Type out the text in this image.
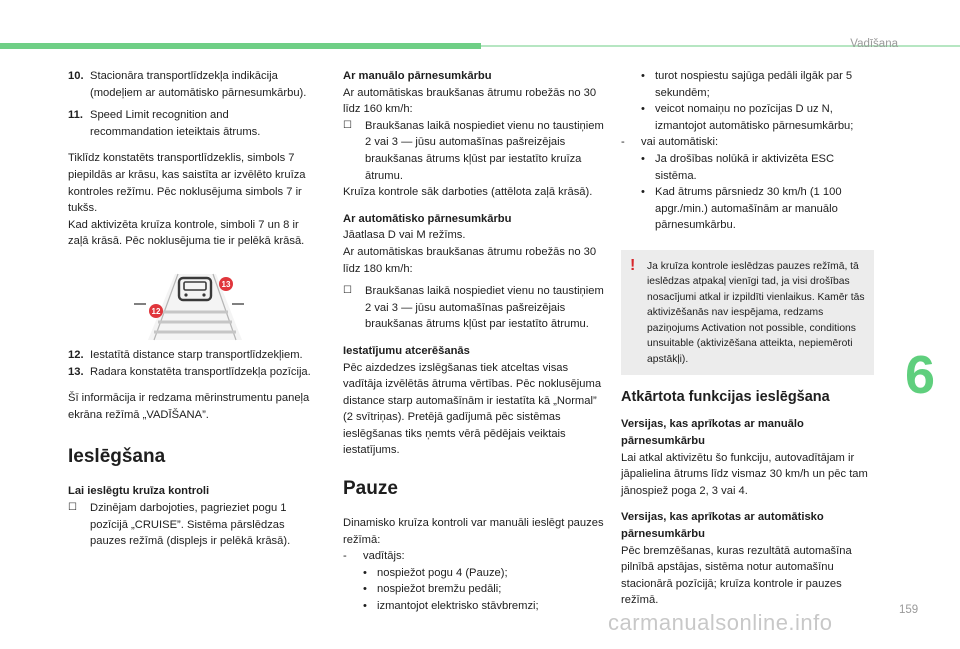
Vadīšana
6
159
carmanualsonline.info

10. Stacionāra transportlīdzekļa indikācija (modeļiem ar automātisko pārnesumkārbu).

11. Speed Limit recognition and recommandation ieteiktais ātrums.

Tiklīdz konstatēts transportlīdzeklis, simbols 7 piepildās ar krāsu, kas saistīta ar izvēlēto kruīza kontroles režīmu. Pēc noklusējuma simbols 7 ir tukšs.

Kad aktivizēta kruīza kontrole, simboli 7 un 8 ir zaļā krāsā. Pēc noklusējuma tie ir pelēkā krāsā.

13
12

12. Iestatītā distance starp transportlīdzekļiem.

13. Radara konstatēta transportlīdzekļa pozīcija.

Šī informācija ir redzama mērinstrumentu paneļa ekrāna režīmā „VADĪŠANA”.

Ieslēgšana

Lai ieslēgtu kruīza kontroli

☐ Dzinējam darbojoties, pagrieziet pogu 1 pozīcijā „CRUISE”. Sistēma pārslēdzas pauzes režīmā (displejs ir pelēkā krāsā).

Ar manuālo pārnesumkārbu

Ar automātiskas braukšanas ātrumu robežās no 30 līdz 160 km/h:

☐ Braukšanas laikā nospiediet vienu no taustiņiem 2 vai 3 — jūsu automašīnas pašreizējais braukšanas ātrums kļūst par iestatīto kruīza ātrumu.

Kruīza kontrole sāk darboties (attēlota zaļā krāsā).

Ar automātisko pārnesumkārbu

Jāatlasa D vai M režīms.

Ar automātiskas braukšanas ātrumu robežās no 30 līdz 180 km/h:

☐ Braukšanas laikā nospiediet vienu no taustiņiem 2 vai 3 — jūsu automašīnas pašreizējais braukšanas ātrums kļūst par iestatīto ātrumu.

Iestatījumu atcerēšanās

Pēc aizdedzes izslēgšanas tiek atceltas visas vadītāja izvēlētās ātruma vērtības. Pēc noklusējuma distance starp automašīnām ir iestatīta kā „Normal” (2 svītriņas). Pretējā gadījumā pēc sistēmas ieslēgšanas tiks ņemts vērā pēdējais veiktais iestatījums.

Pauze

Dinamisko kruīza kontroli var manuāli ieslēgt pauzes režīmā:

- vadītājs:

• nospiežot pogu 4 (Pauze);

• nospiežot bremžu pedāli;

• izmantojot elektrisko stāvbremzi;

• turot nospiestu sajūga pedāli ilgāk par 5 sekundēm;

• veicot nomaiņu no pozīcijas D uz N, izmantojot automātisko pārnesumkārbu;

- vai automātiski:

• Ja drošības nolūkā ir aktivizēta ESC sistēma.

• Kad ātrums pārsniedz 30 km/h (1 100 apgr./min.) automašīnām ar manuālo pārnesumkārbu.

! Ja kruīza kontrole ieslēdzas pauzes režīmā, tā ieslēdzas atpakaļ vienīgi tad, ja visi drošības nosacījumi atkal ir izpildīti vienlaikus. Kamēr tās aktivizēšanās nav iespējama, redzams paziņojums Activation not possible, conditions unsuitable (aktivizēšana atteikta, nepiemēroti apstākļi).

Atkārtota funkcijas ieslēgšana

Versijas, kas aprīkotas ar manuālo pārnesumkārbu

Lai atkal aktivizētu šo funkciju, autovadītājam ir jāpalielina ātrums līdz vismaz 30 km/h un pēc tam jānospiež poga 2, 3 vai 4.

Versijas, kas aprīkotas ar automātisko pārnesumkārbu

Pēc bremzēšanas, kuras rezultātā automašīna pilnībā apstājas, sistēma notur automašīnu stacionārā pozīcijā; kruīza kontrole ir pauzes režīmā.
